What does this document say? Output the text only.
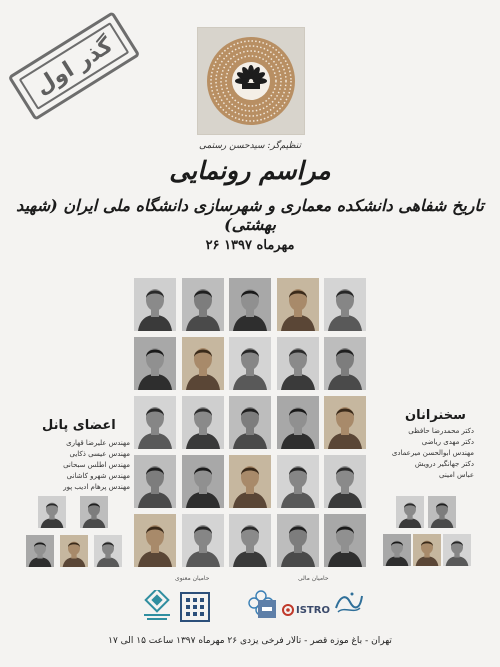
گذر اول
تنظیم‌گر: سیدحسن رستمی
مراسم رونمایی
تاریخ شفاهی دانشکده معماری و شهرسازی دانشگاه ملی ایران (شهید بهشتی)
۲۶ مهرماه ۱۳۹۷
اعضای پانل
مهندس علیرضا قهاری
مهندس عیسی ذکایی
مهندس اطلس سبحانی
مهندس شهرو کاشانی
مهندس پرهام ادیب پور
سخنرانان
دکتر محمدرضا حافظی
دکتر مهدی ریاضی
مهندس ابوالحسن میرعمادی
دکتر جهانگیر درویش
عباس امینی
حامیان معنوی	حامیان مالی
ISTRO
تهران - باغ موزه قصر - تالار فرخی یزدی ۲۶ مهرماه ۱۳۹۷ ساعت ۱۵ الی ۱۷
